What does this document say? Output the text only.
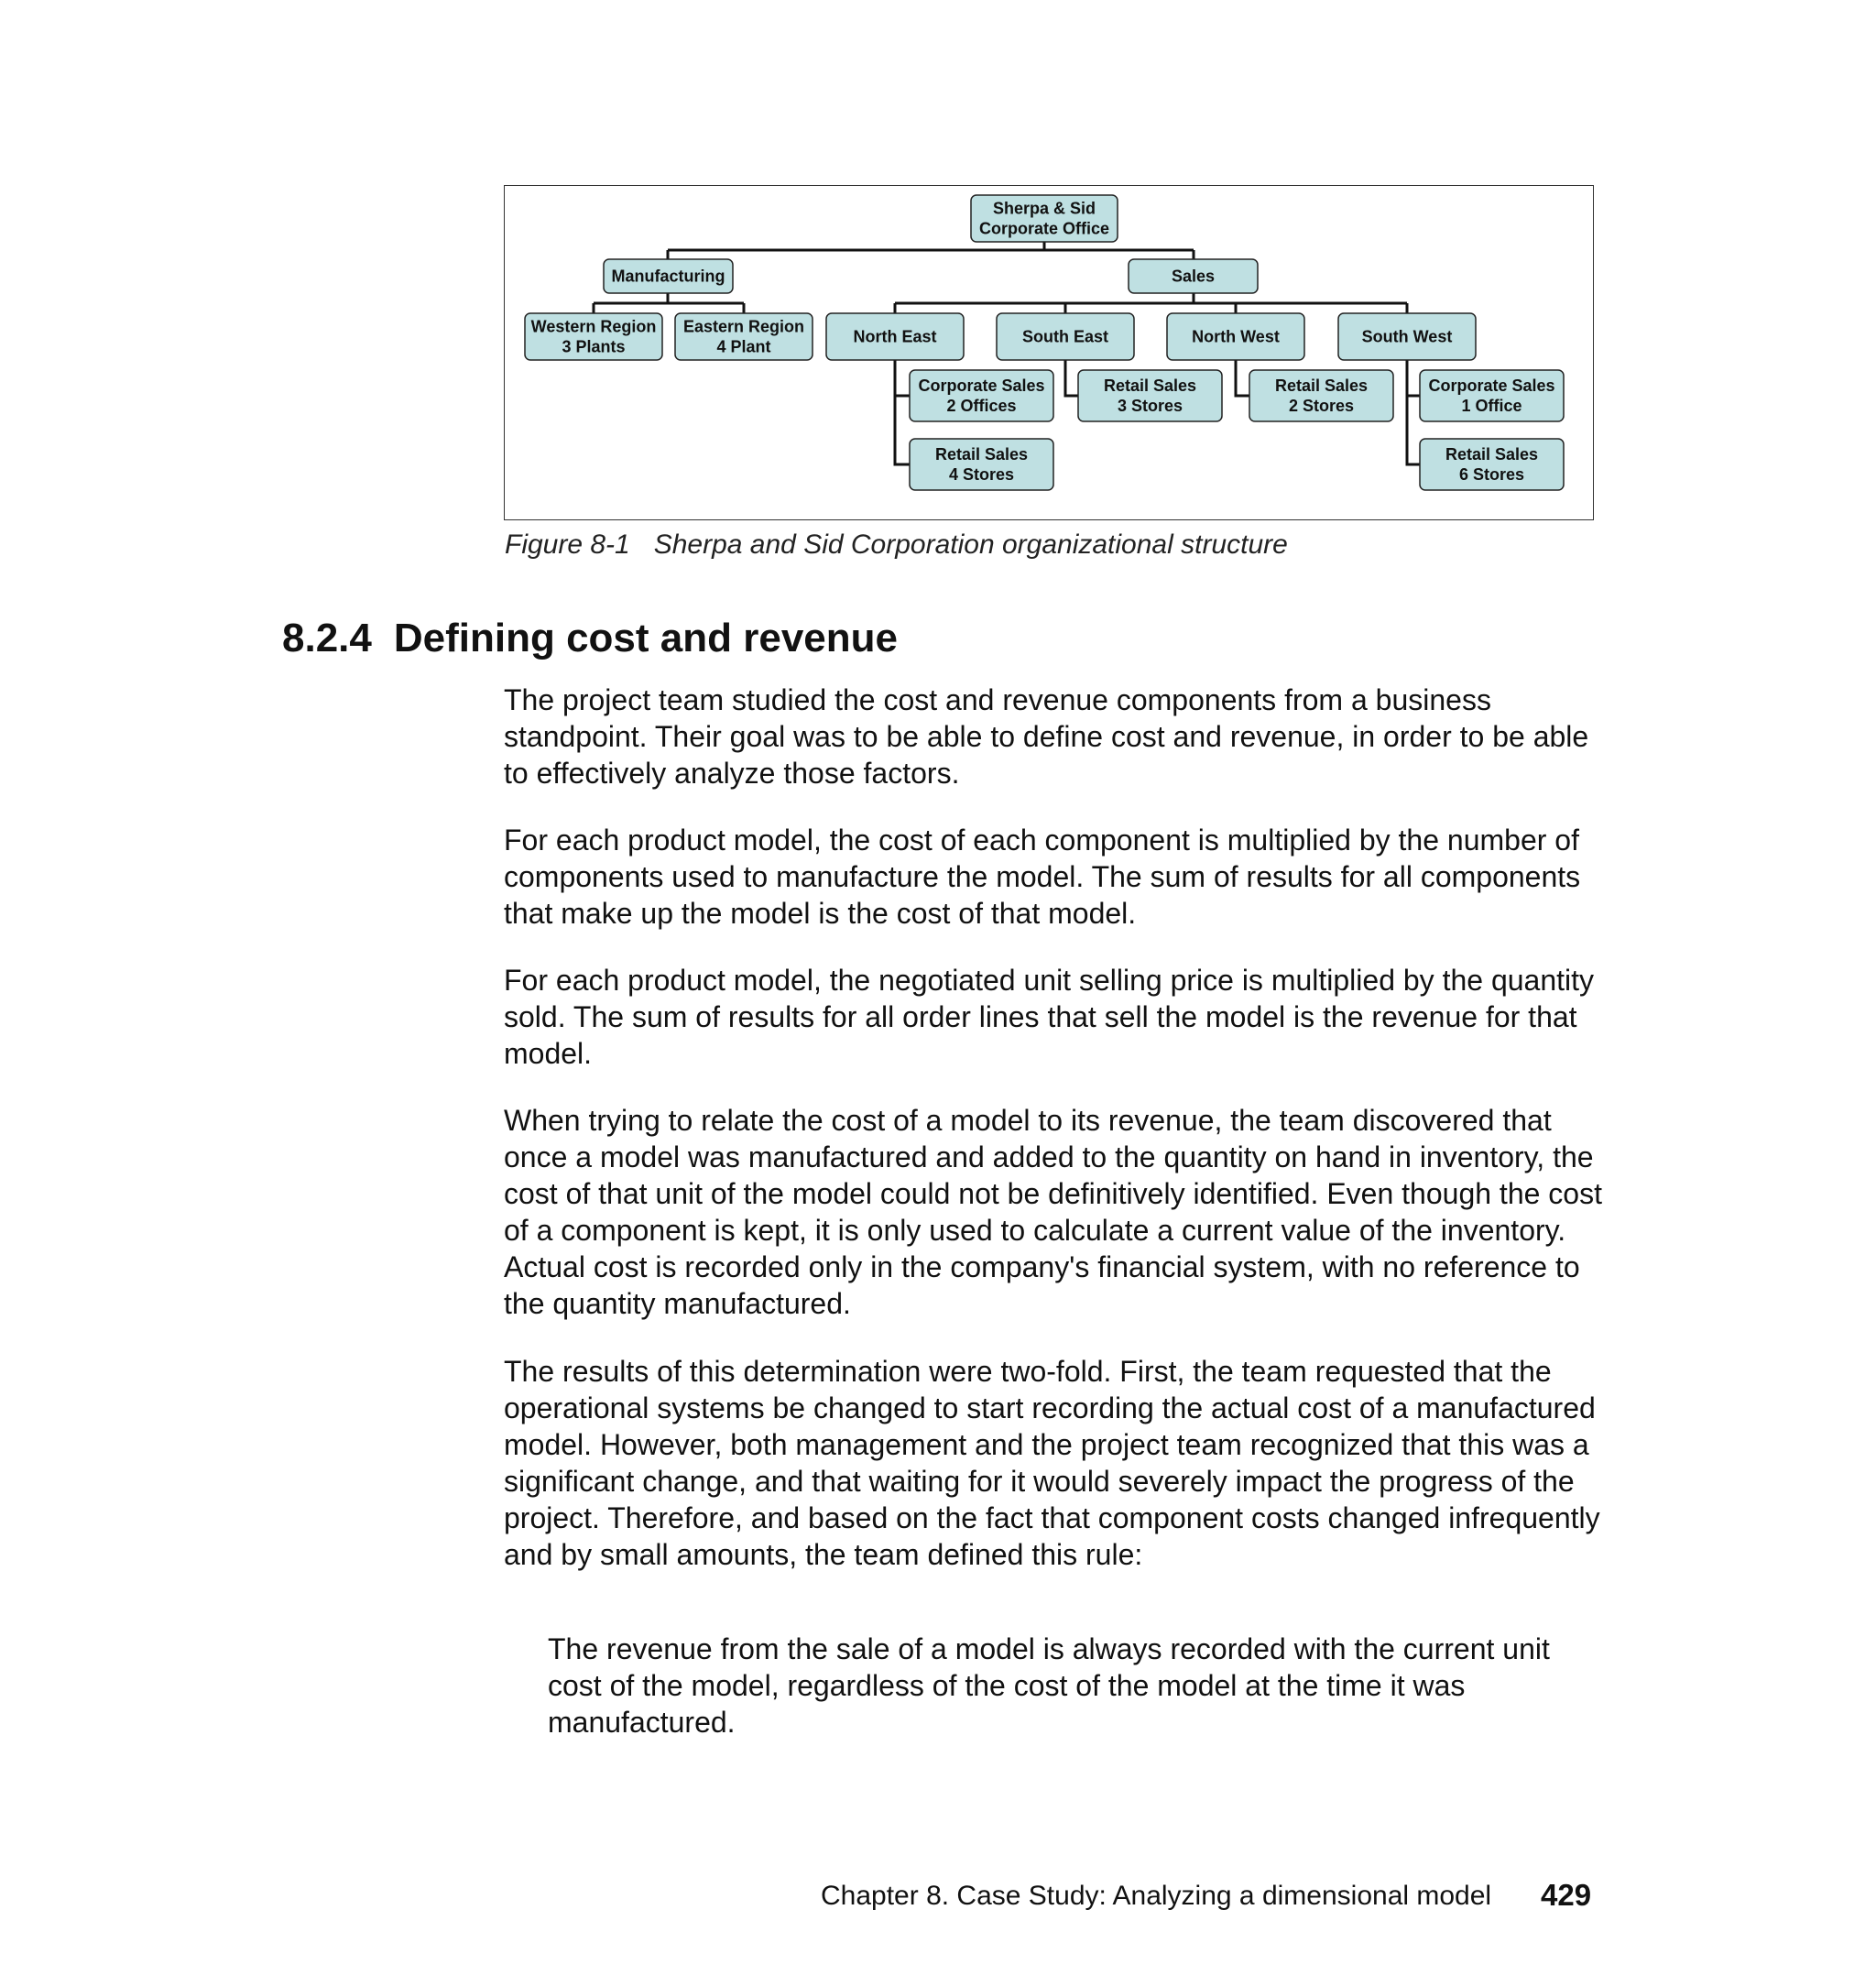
Sherpa & Sid
Corporate Office
Manufacturing	Sales
Western Region
3 Plants
Eastern Region
4 Plant
North East	South East	North West	South West
Corporate Sales
2 Offices
Retail Sales
4 Stores
Retail Sales
3 Stores
Retail Sales
2 Stores
Corporate Sales
1 Office
Retail Sales
6 Stores
Figure 8-1 Sherpa and Sid Corporation organizational structure
8.2.4 Defining cost and revenue

The project team studied the cost and revenue components from a business standpoint. Their goal was to be able to define cost and revenue, in order to be able to effectively analyze those factors.

For each product model, the cost of each component is multiplied by the number of components used to manufacture the model. The sum of results for all components that make up the model is the cost of that model.

For each product model, the negotiated unit selling price is multiplied by the quantity sold. The sum of results for all order lines that sell the model is the revenue for that model.

When trying to relate the cost of a model to its revenue, the team discovered that once a model was manufactured and added to the quantity on hand in inventory, the cost of that unit of the model could not be definitively identified. Even though the cost of a component is kept, it is only used to calculate a current value of the inventory. Actual cost is recorded only in the company's financial system, with no reference to the quantity manufactured.

The results of this determination were two-fold. First, the team requested that the operational systems be changed to start recording the actual cost of a manufactured model. However, both management and the project team recognized that this was a significant change, and that waiting for it would severely impact the progress of the project. Therefore, and based on the fact that component costs changed infrequently and by small amounts, the team defined this rule:

The revenue from the sale of a model is always recorded with the current unit cost of the model, regardless of the cost of the model at the time it was manufactured.
Chapter 8. Case Study: Analyzing a dimensional model 429
